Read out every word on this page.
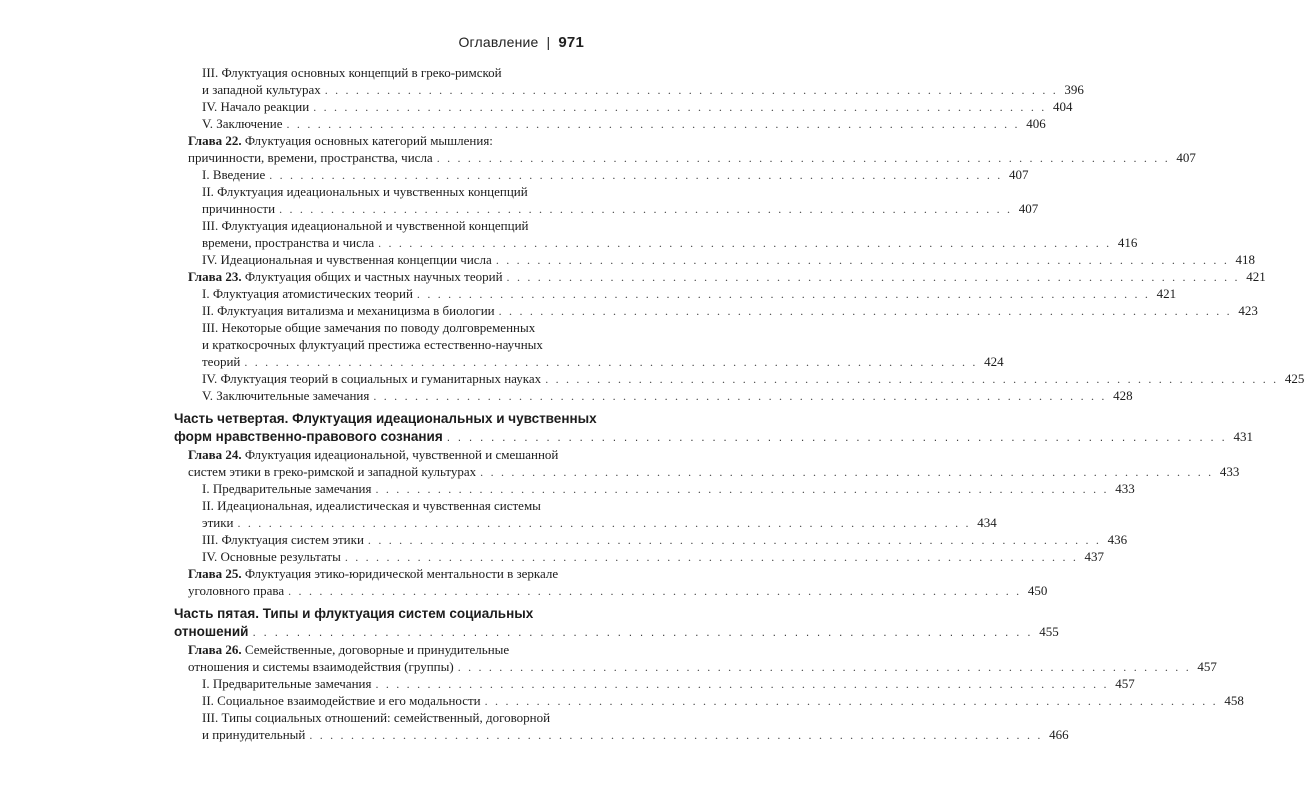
Оглавление | 971
III. Флуктуация основных концепций в греко-римской
и западной культурах . . . . . . . . . . . . . . . . . . . . . . . . . . . . . . . . . . . . . . . . . . . . . . . . . . . . . . . . . . . . . . . . . . . . . . . 396
IV. Начало реакции . . . . . . . . . . . . . . . . . . . . . . . . . . . . . . . . . . . . . . . . . . . . . . . . . . . . . . . . . . . . . . . . . . . . . . . 404
V. Заключение . . . . . . . . . . . . . . . . . . . . . . . . . . . . . . . . . . . . . . . . . . . . . . . . . . . . . . . . . . . . . . . . . . . . . . . 406
Глава 22. Флуктуация основных категорий мышления:
причинности, времени, пространства, числа . . . . . . . . . . . . . . . . . . . . . . . . . . . . . . . . . . . . . . . . . . . . . . . . . . . . . . . . . . . . . . . . . . . . . . . 407
I. Введение . . . . . . . . . . . . . . . . . . . . . . . . . . . . . . . . . . . . . . . . . . . . . . . . . . . . . . . . . . . . . . . . . . . . . . . 407
II. Флуктуация идеациональных и чувственных концепций
причинности . . . . . . . . . . . . . . . . . . . . . . . . . . . . . . . . . . . . . . . . . . . . . . . . . . . . . . . . . . . . . . . . . . . . . . . 407
III. Флуктуация идеациональной и чувственной концепций
времени, пространства и числа . . . . . . . . . . . . . . . . . . . . . . . . . . . . . . . . . . . . . . . . . . . . . . . . . . . . . . . . . . . . . . . . . . . . . . . 416
IV. Идеациональная и чувственная концепции числа . . . . . . . . . . . . . . . . . . . . . . . . . . . . . . . . . . . . . . . . . . . . . . . . . . . . . . . . . . . . . . . . . . . . . . . 418
Глава 23.
Флуктуация общих и частных научных теорий . . . . . . . . . . . . . . . . . . . . . . . . . . . . . . . . . . . . . . . . . . . . . . . . . . . . . . . . . . . . . . . . . . . . . . . 421
I. Флуктуация атомистических теорий . . . . . . . . . . . . . . . . . . . . . . . . . . . . . . . . . . . . . . . . . . . . . . . . . . . . . . . . . . . . . . . . . . . . . . . 421
II. Флуктуация витализма и механицизма в биологии . . . . . . . . . . . . . . . . . . . . . . . . . . . . . . . . . . . . . . . . . . . . . . . . . . . . . . . . . . . . . . . . . . . . . . . 423
III. Некоторые общие замечания по поводу долговременных
и краткосрочных флуктуаций престижа естественно-научных
теорий . . . . . . . . . . . . . . . . . . . . . . . . . . . . . . . . . . . . . . . . . . . . . . . . . . . . . . . . . . . . . . . . . . . . . . . 424
IV. Флуктуация теорий в социальных и гуманитарных науках . . . . . . . . . . . . . . . . . . . . . . . . . . . . . . . . . . . . . . . . . . . . . . . . . . . . . . . . . . . . . . . . . . . . . . . 425
V. Заключительные замечания . . . . . . . . . . . . . . . . . . . . . . . . . . . . . . . . . . . . . . . . . . . . . . . . . . . . . . . . . . . . . . . . . . . . . . . 428
Часть четвертая. Флуктуация идеациональных и чувственных
форм нравственно-правового сознания . . . . . . . . . . . . . . . . . . . . . . . . . . . . . . . . . . . . . . . . . . . . . . . . . . . . . . . . . . . . . . . . . . . . . . . 431
Глава 24. Флуктуация идеациональной, чувственной и смешанной
систем этики в греко-римской и западной культурах . . . . . . . . . . . . . . . . . . . . . . . . . . . . . . . . . . . . . . . . . . . . . . . . . . . . . . . . . . . . . . . . . . . . . . . 433
I. Предварительные замечания . . . . . . . . . . . . . . . . . . . . . . . . . . . . . . . . . . . . . . . . . . . . . . . . . . . . . . . . . . . . . . . . . . . . . . . 433
II. Идеациональная, идеалистическая и чувственная системы
этики . . . . . . . . . . . . . . . . . . . . . . . . . . . . . . . . . . . . . . . . . . . . . . . . . . . . . . . . . . . . . . . . . . . . . . . 434
III. Флуктуация систем этики . . . . . . . . . . . . . . . . . . . . . . . . . . . . . . . . . . . . . . . . . . . . . . . . . . . . . . . . . . . . . . . . . . . . . . . 436
IV. Основные результаты . . . . . . . . . . . . . . . . . . . . . . . . . . . . . . . . . . . . . . . . . . . . . . . . . . . . . . . . . . . . . . . . . . . . . . . 437
Глава 25. Флуктуация этико-юридической ментальности в зеркале
уголовного права . . . . . . . . . . . . . . . . . . . . . . . . . . . . . . . . . . . . . . . . . . . . . . . . . . . . . . . . . . . . . . . . . . . . . . . 450
Часть пятая. Типы и флуктуация систем социальных
отношений . . . . . . . . . . . . . . . . . . . . . . . . . . . . . . . . . . . . . . . . . . . . . . . . . . . . . . . . . . . . . . . . . . . . . . . 455
Глава 26. Семейственные, договорные и принудительные
отношения и системы взаимодействия (группы) . . . . . . . . . . . . . . . . . . . . . . . . . . . . . . . . . . . . . . . . . . . . . . . . . . . . . . . . . . . . . . . . . . . . . . . 457
I. Предварительные замечания . . . . . . . . . . . . . . . . . . . . . . . . . . . . . . . . . . . . . . . . . . . . . . . . . . . . . . . . . . . . . . . . . . . . . . . 457
II. Социальное взаимодействие и его модальности . . . . . . . . . . . . . . . . . . . . . . . . . . . . . . . . . . . . . . . . . . . . . . . . . . . . . . . . . . . . . . . . . . . . . . . 458
III. Типы социальных отношений: семейственный, договорной
и принудительный . . . . . . . . . . . . . . . . . . . . . . . . . . . . . . . . . . . . . . . . . . . . . . . . . . . . . . . . . . . . . . . . . . . . . . . 466
